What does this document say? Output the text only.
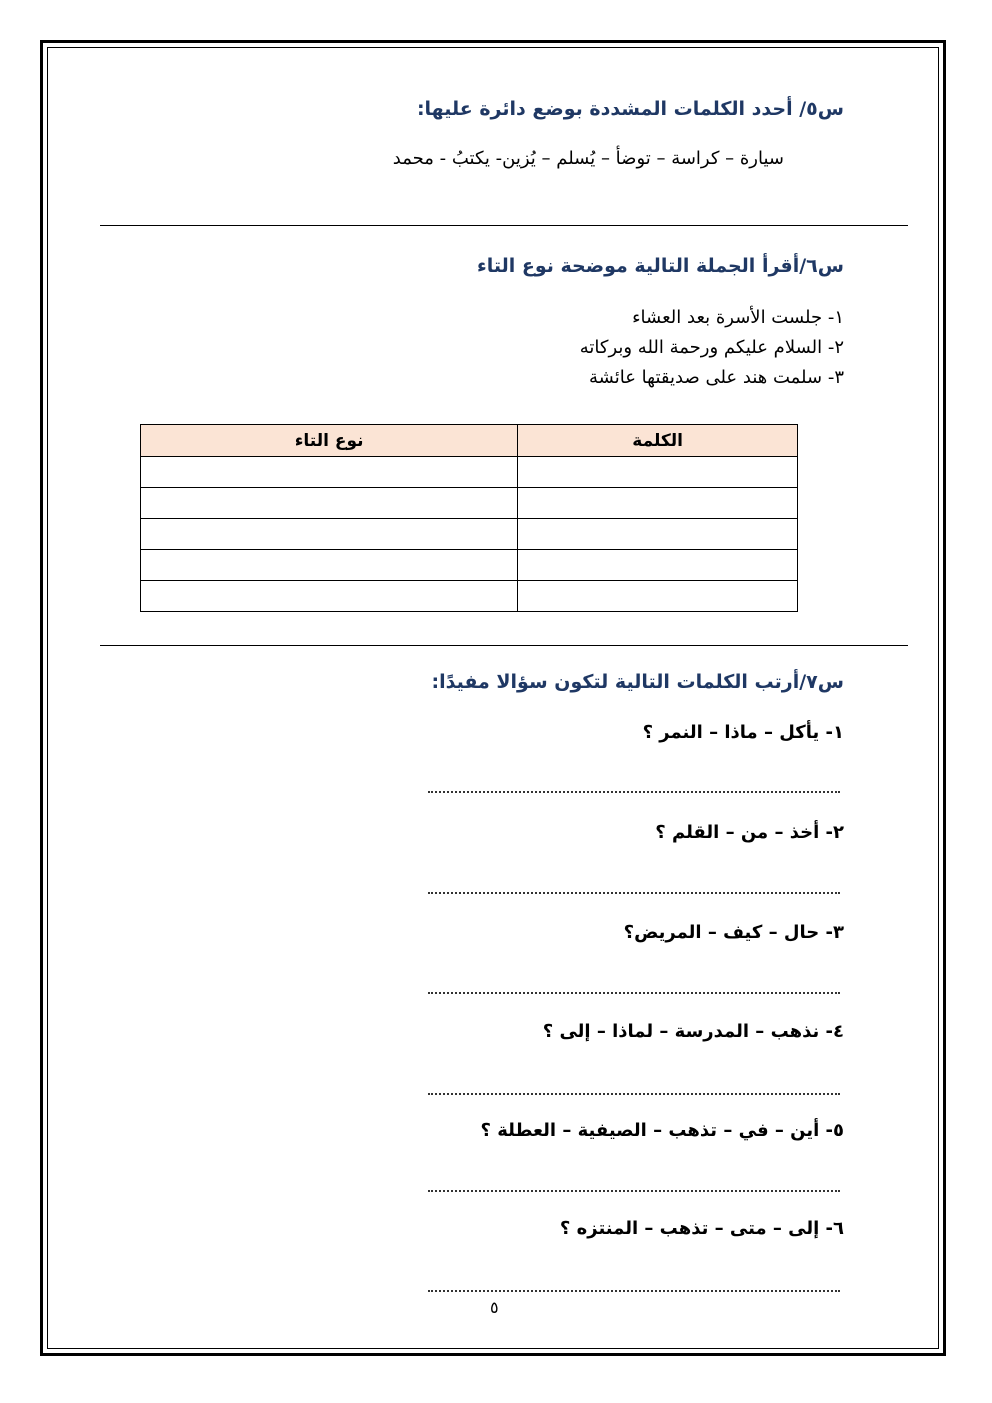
س٥/ أحدد الكلمات المشددة بوضع دائرة عليها:
سيارة – كراسة – توضأ – يُسلم – يُزين- يكتبُ - محمد
س٦/أقرأ الجملة التالية موضحة نوع التاء
١- جلست الأسرة بعد العشاء
٢- السلام عليكم ورحمة الله وبركاته
٣- سلمت هند على صديقتها عائشة
الكلمة	نوع التاء

س٧/أرتب الكلمات التالية لتكون سؤالا مفيدًا:
١- يأكل – ماذا – النمر ؟
٢- أخذ – من – القلم ؟
٣- حال – كيف – المريض؟
٤- نذهب – المدرسة – لماذا – إلى ؟
٥- أين – في – تذهب – الصيفية – العطلة ؟
٦- إلى – متى – تذهب – المنتزه ؟
٥
